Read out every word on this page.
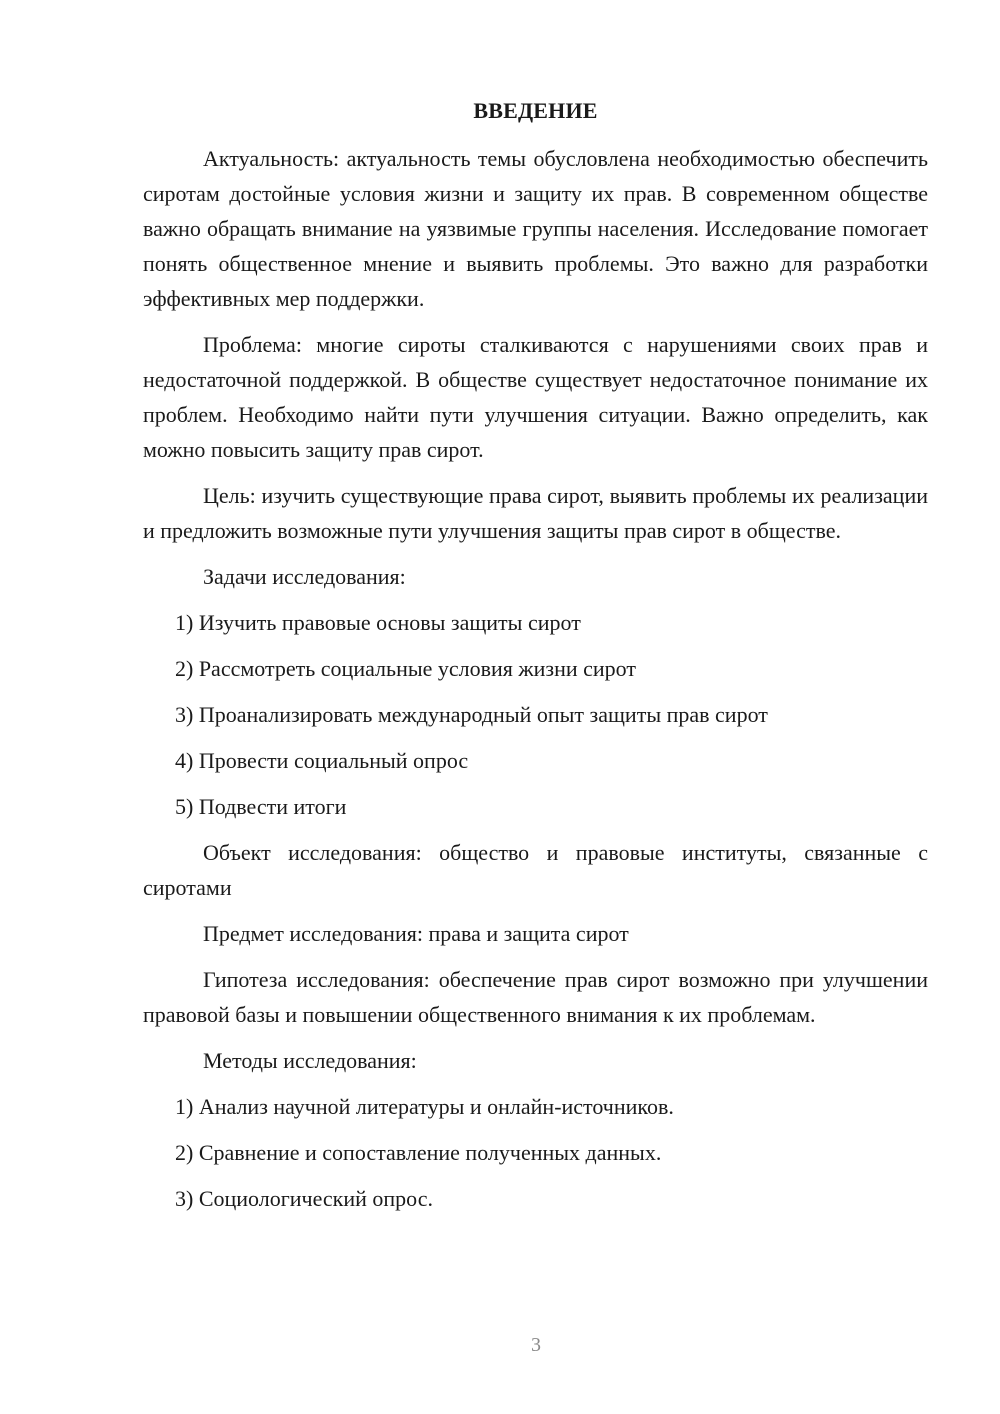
ВВЕДЕНИЕ

Актуальность: актуальность темы обусловлена необходимостью обеспечить сиротам достойные условия жизни и защиту их прав. В современном обществе важно обращать внимание на уязвимые группы населения. Исследование помогает понять общественное мнение и выявить проблемы. Это важно для разработки эффективных мер поддержки.

Проблема: многие сироты сталкиваются с нарушениями своих прав и недостаточной поддержкой. В обществе существует недостаточное понимание их проблем. Необходимо найти пути улучшения ситуации. Важно определить, как можно повысить защиту прав сирот.

Цель: изучить существующие права сирот, выявить проблемы их реализации и предложить возможные пути улучшения защиты прав сирот в обществе.

Задачи исследования:

1) Изучить правовые основы защиты сирот

2) Рассмотреть социальные условия жизни сирот

3) Проанализировать международный опыт защиты прав сирот

4) Провести социальный опрос

5) Подвести итоги

Объект исследования: общество и правовые институты, связанные с сиротами

Предмет исследования: права и защита сирот

Гипотеза исследования: обеспечение прав сирот возможно при улучшении правовой базы и повышении общественного внимания к их проблемам.

Методы исследования:

1) Анализ научной литературы и онлайн-источников.

2) Сравнение и сопоставление полученных данных.

3) Социологический опрос.

3
